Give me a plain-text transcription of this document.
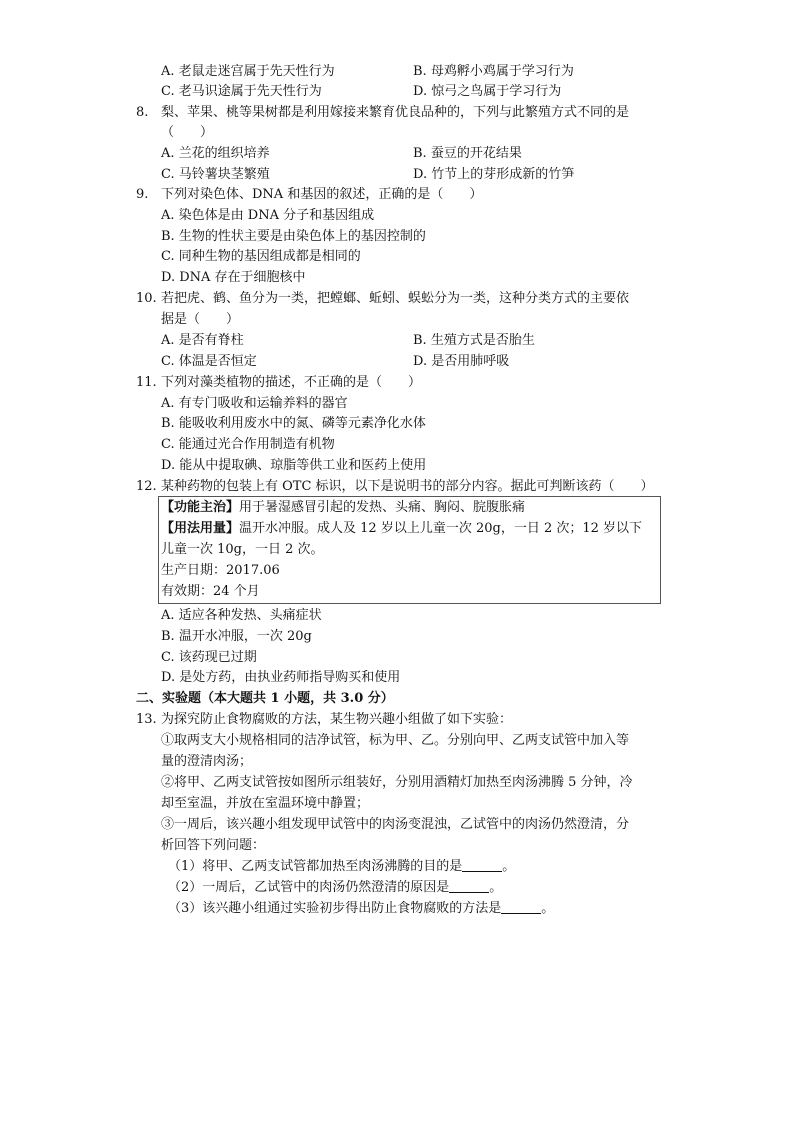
A. 老鼠走迷宫属于先天性行为	B. 母鸡孵小鸡属于学习行为
C. 老马识途属于先天性行为	D. 惊弓之鸟属于学习行为
8. 梨、苹果、桃等果树都是利用嫁接来繁育优良品种的，下列与此繁殖方式不同的是
（　　）
A. 兰花的组织培养	B. 蚕豆的开花结果
C. 马铃薯块茎繁殖	D. 竹节上的芽形成新的竹笋
9. 下列对染色体、DNA 和基因的叙述，正确的是（　　）
A. 染色体是由 DNA 分子和基因组成
B. 生物的性状主要是由染色体上的基因控制的
C. 同种生物的基因组成都是相同的
D. DNA 存在于细胞核中
10. 若把虎、鹤、鱼分为一类，把螳螂、蚯蚓、蜈蚣分为一类，这种分类方式的主要依
据是（　　）
A. 是否有脊柱	B. 生殖方式是否胎生
C. 体温是否恒定	D. 是否用肺呼吸
11. 下列对藻类植物的描述，不正确的是（　　）
A. 有专门吸收和运输养料的器官
B. 能吸收利用废水中的氮、磷等元素净化水体
C. 能通过光合作用制造有机物
D. 能从中提取碘、琼脂等供工业和医药上使用
12. 某种药物的包装上有 OTC 标识，以下是说明书的部分内容。据此可判断该药（　　）
【功能主治】用于暑湿感冒引起的发热、头痛、胸闷、脘腹胀痛
【用法用量】温开水冲服。成人及 12 岁以上儿童一次 20g，一日 2 次；12 岁以下
儿童一次 10g，一日 2 次。
生产日期：2017.06
有效期：24 个月
A. 适应各种发热、头痛症状
B. 温开水冲服，一次 20g
C. 该药现已过期
D. 是处方药，由执业药师指导购买和使用
二、实验题（本大题共 1 小题，共 3.0 分）
13. 为探究防止食物腐败的方法，某生物兴趣小组做了如下实验：
①取两支大小规格相同的洁净试管，标为甲、乙。分别向甲、乙两支试管中加入等
量的澄清肉汤；
②将甲、乙两支试管按如图所示组装好，分别用酒精灯加热至肉汤沸腾 5 分钟，冷
却至室温，并放在室温环境中静置；
③一周后，该兴趣小组发现甲试管中的肉汤变混浊，乙试管中的肉汤仍然澄清，分
析回答下列问题：
（1）将甲、乙两支试管都加热至肉汤沸腾的目的是	。
（2）一周后，乙试管中的肉汤仍然澄清的原因是	。
（3）该兴趣小组通过实验初步得出防止食物腐败的方法是	。
